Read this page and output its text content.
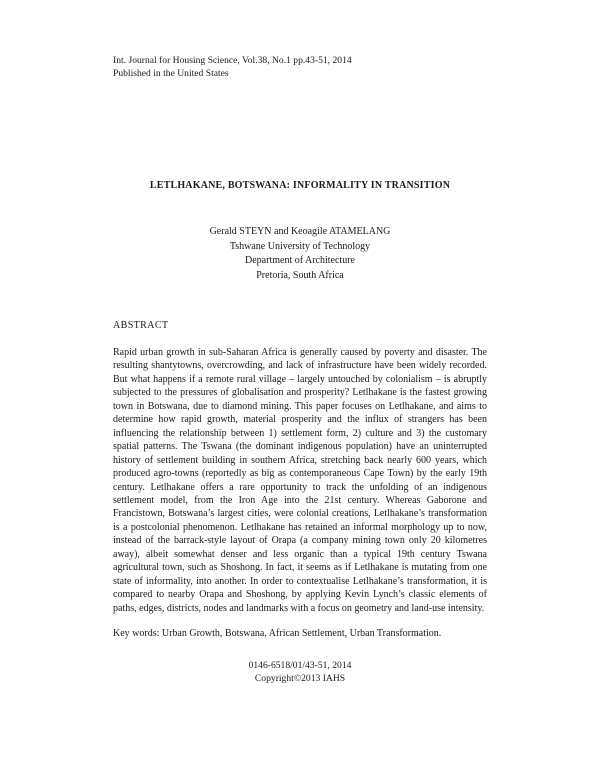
Int. Journal for Housing Science, Vol.38, No.1 pp.43-51, 2014
Published in the United States
LETLHAKANE, BOTSWANA: INFORMALITY IN TRANSITION
Gerald STEYN and Keoagile ATAMELANG
Tshwane University of Technology
Department of Architecture
Pretoria, South Africa
ABSTRACT

Rapid urban growth in sub-Saharan Africa is generally caused by poverty and disaster. The resulting shantytowns, overcrowding, and lack of infrastructure have been widely recorded. But what happens if a remote rural village – largely untouched by colonialism – is abruptly subjected to the pressures of globalisation and prosperity? Letlhakane is the fastest growing town in Botswana, due to diamond mining. This paper focuses on Letlhakane, and aims to determine how rapid growth, material prosperity and the influx of strangers has been influencing the relationship between 1) settlement form, 2) culture and 3) the customary spatial patterns. The Tswana (the dominant indigenous population) have an uninterrupted history of settlement building in southern Africa, stretching back nearly 600 years, which produced agro-towns (reportedly as big as contemporaneous Cape Town) by the early 19th century. Letlhakane offers a rare opportunity to track the unfolding of an indigenous settlement model, from the Iron Age into the 21st century. Whereas Gaborone and Francistown, Botswana’s largest cities, were colonial creations, Letlhakane’s transformation is a postcolonial phenomenon. Letlhakane has retained an informal morphology up to now, instead of the barrack-style layout of Orapa (a company mining town only 20 kilometres away), albeit somewhat denser and less organic than a typical 19th century Tswana agricultural town, such as Shoshong. In fact, it seems as if Letlhakane is mutating from one state of informality, into another. In order to contextualise Letlhakane’s transformation, it is compared to nearby Orapa and Shoshong, by applying Kevin Lynch’s classic elements of paths, edges, districts, nodes and landmarks with a focus on geometry and land-use intensity.

Key words: Urban Growth, Botswana, African Settlement, Urban Transformation.
0146-6518/01/43-51, 2014
Copyright©2013 IAHS
